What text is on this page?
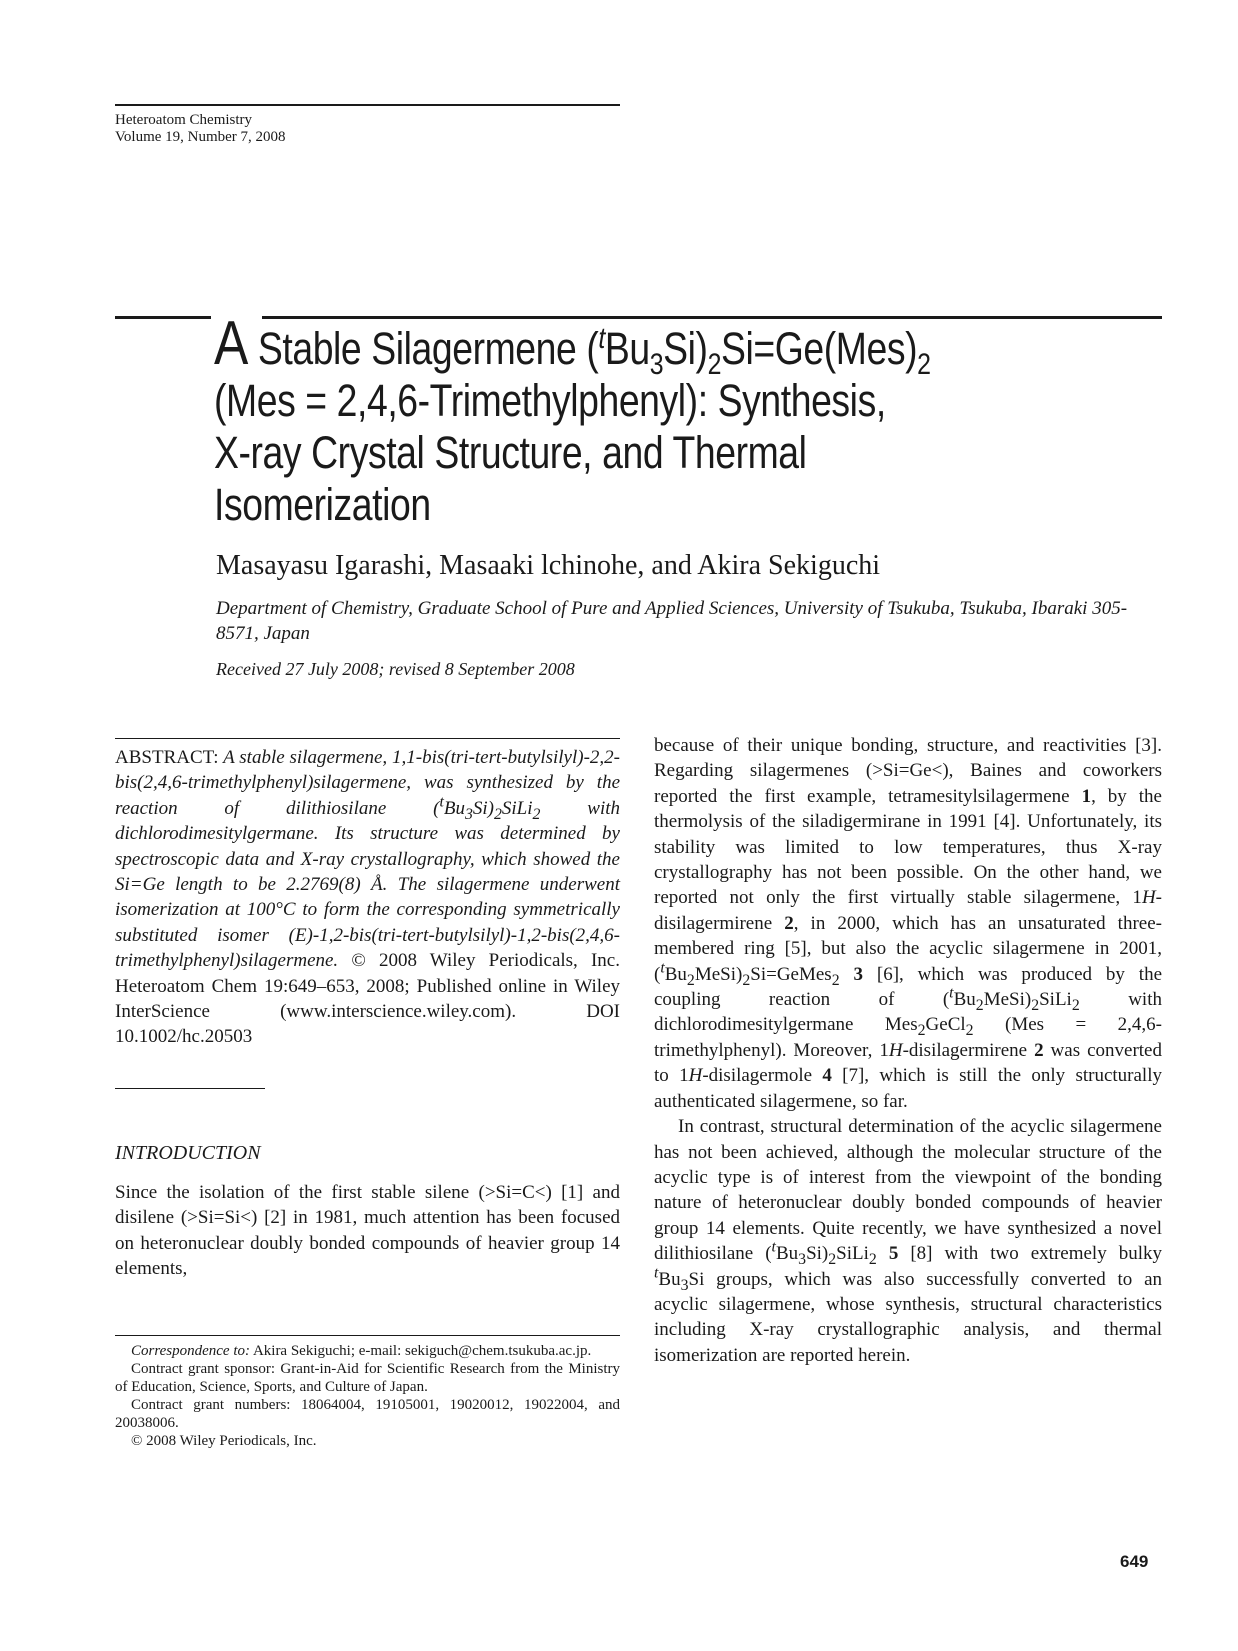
Heteroatom Chemistry
Volume 19, Number 7, 2008
A Stable Silagermene $(^tBu_3Si)_2Si=Ge(Mes)_2$
(Mes = 2,4,6-Trimethylphenyl): Synthesis,
X-ray Crystal Structure, and Thermal
Isomerization
Masayasu Igarashi, Masaaki lchinohe, and Akira Sekiguchi
Department of Chemistry, Graduate School of Pure and Applied Sciences, University of Tsukuba, Tsukuba, Ibaraki 305-8571, Japan
Received 27 July 2008; revised 8 September 2008
ABSTRACT: A stable silagermene, 1,1-bis(tri-tert-butylsilyl)-2,2-bis(2,4,6-trimethylphenyl)silagermene, was synthesized by the reaction of dilithiosilane $(^tBu_3Si)_2SiLi_2$ with dichlorodimesitylgermane. Its structure was determined by spectroscopic data and X-ray crystallography, which showed the Si=Ge length to be 2.2769(8) Å. The silagermene underwent isomerization at 100°C to form the corresponding symmetrically substituted isomer (E)-1,2-bis(tri-tert-butylsilyl)-1,2-bis(2,4,6-trimethylphenyl)silagermene. © 2008 Wiley Periodicals, Inc. Heteroatom Chem 19:649–653, 2008; Published online in Wiley InterScience (www.interscience.wiley.com). DOI 10.1002/hc.20503
INTRODUCTION
Since the isolation of the first stable silene (>Si=C<) [1] and disilene (>Si=Si<) [2] in 1981, much attention has been focused on heteronuclear doubly bonded compounds of heavier group 14 elements,

Correspondence to: Akira Sekiguchi; e-mail: sekiguch@chem.tsukuba.ac.jp.

Contract grant sponsor: Grant-in-Aid for Scientific Research from the Ministry of Education, Science, Sports, and Culture of Japan.

Contract grant numbers: 18064004, 19105001, 19020012, 19022004, and 20038006.

© 2008 Wiley Periodicals, Inc.

because of their unique bonding, structure, and reactivities [3]. Regarding silagermenes (>Si=Ge<), Baines and coworkers reported the first example, tetramesitylsilagermene 1, by the thermolysis of the siladigermirane in 1991 [4]. Unfortunately, its stability was limited to low temperatures, thus X-ray crystallography has not been possible. On the other hand, we reported not only the first virtually stable silagermene, 1H-disilagermirene 2, in 2000, which has an unsaturated three-membered ring [5], but also the acyclic silagermene in 2001, $(^tBu_2MeSi)_2Si=GeMes_2$ 3 [6], which was produced by the coupling reaction of $(^tBu_2MeSi)_2SiLi_2$ with dichlorodimesitylgermane Mes$_2$GeCl$_2$ (Mes = 2,4,6-trimethylphenyl). Moreover, 1H-disilagermirene 2 was converted to 1H-disilagermole 4 [7], which is still the only structurally authenticated silagermene, so far.

In contrast, structural determination of the acyclic silagermene has not been achieved, although the molecular structure of the acyclic type is of interest from the viewpoint of the bonding nature of heteronuclear doubly bonded compounds of heavier group 14 elements. Quite recently, we have synthesized a novel dilithiosilane $(^tBu_3Si)_2SiLi_2$ 5 [8] with two extremely bulky $^tBu_3Si$ groups, which was also successfully converted to an acyclic silagermene, whose synthesis, structural characteristics including X-ray crystallographic analysis, and thermal isomerization are reported herein.

649
